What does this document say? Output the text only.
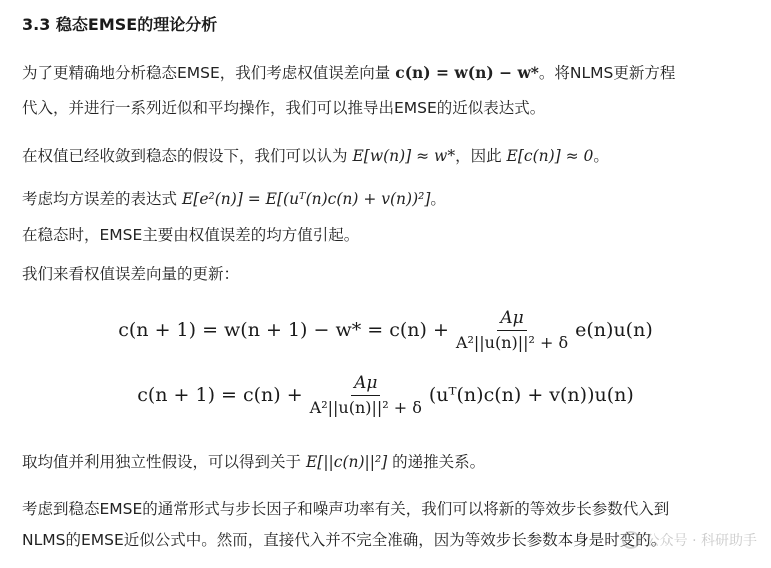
3.3 稳态EMSE的理论分析
为了更精确地分析稳态EMSE，我们考虑权值误差向量 c(n) = w(n) − w*。将NLMS更新方程
代入，并进行一系列近似和平均操作，我们可以推导出EMSE的近似表达式。
在权值已经收敛到稳态的假设下，我们可以认为 E[w(n)] ≈ w*，因此 E[c(n)] ≈ 0。
考虑均方误差的表达式 E[e²(n)] = E[(uᵀ(n)c(n) + v(n))²]。
在稳态时，EMSE主要由权值误差的均方值引起。
我们来看权值误差向量的更新：
$c(n + 1) = w(n + 1) - w* = c(n) + \frac{A\mu}{\text{A²||u(n)||² + δ}} e(n)u(n)$
$c(n + 1) = c(n) + \frac{A\mu}{\text{A²||u(n)||² + δ}}$ (uᵀ(n)c(n) + v(n))u(n)
取均值并利用独立性假设，可以得到关于 E[||c(n)||²] 的递推关系。
考虑到稳态EMSE的通常形式与步长因子和噪声功率有关，我们可以将新的等效步长参数代入到
NLMS的EMSE近似公式中。然而，直接代入并不完全准确，因为等效步长参数本身是时变的。
公众号 · 科研助手
